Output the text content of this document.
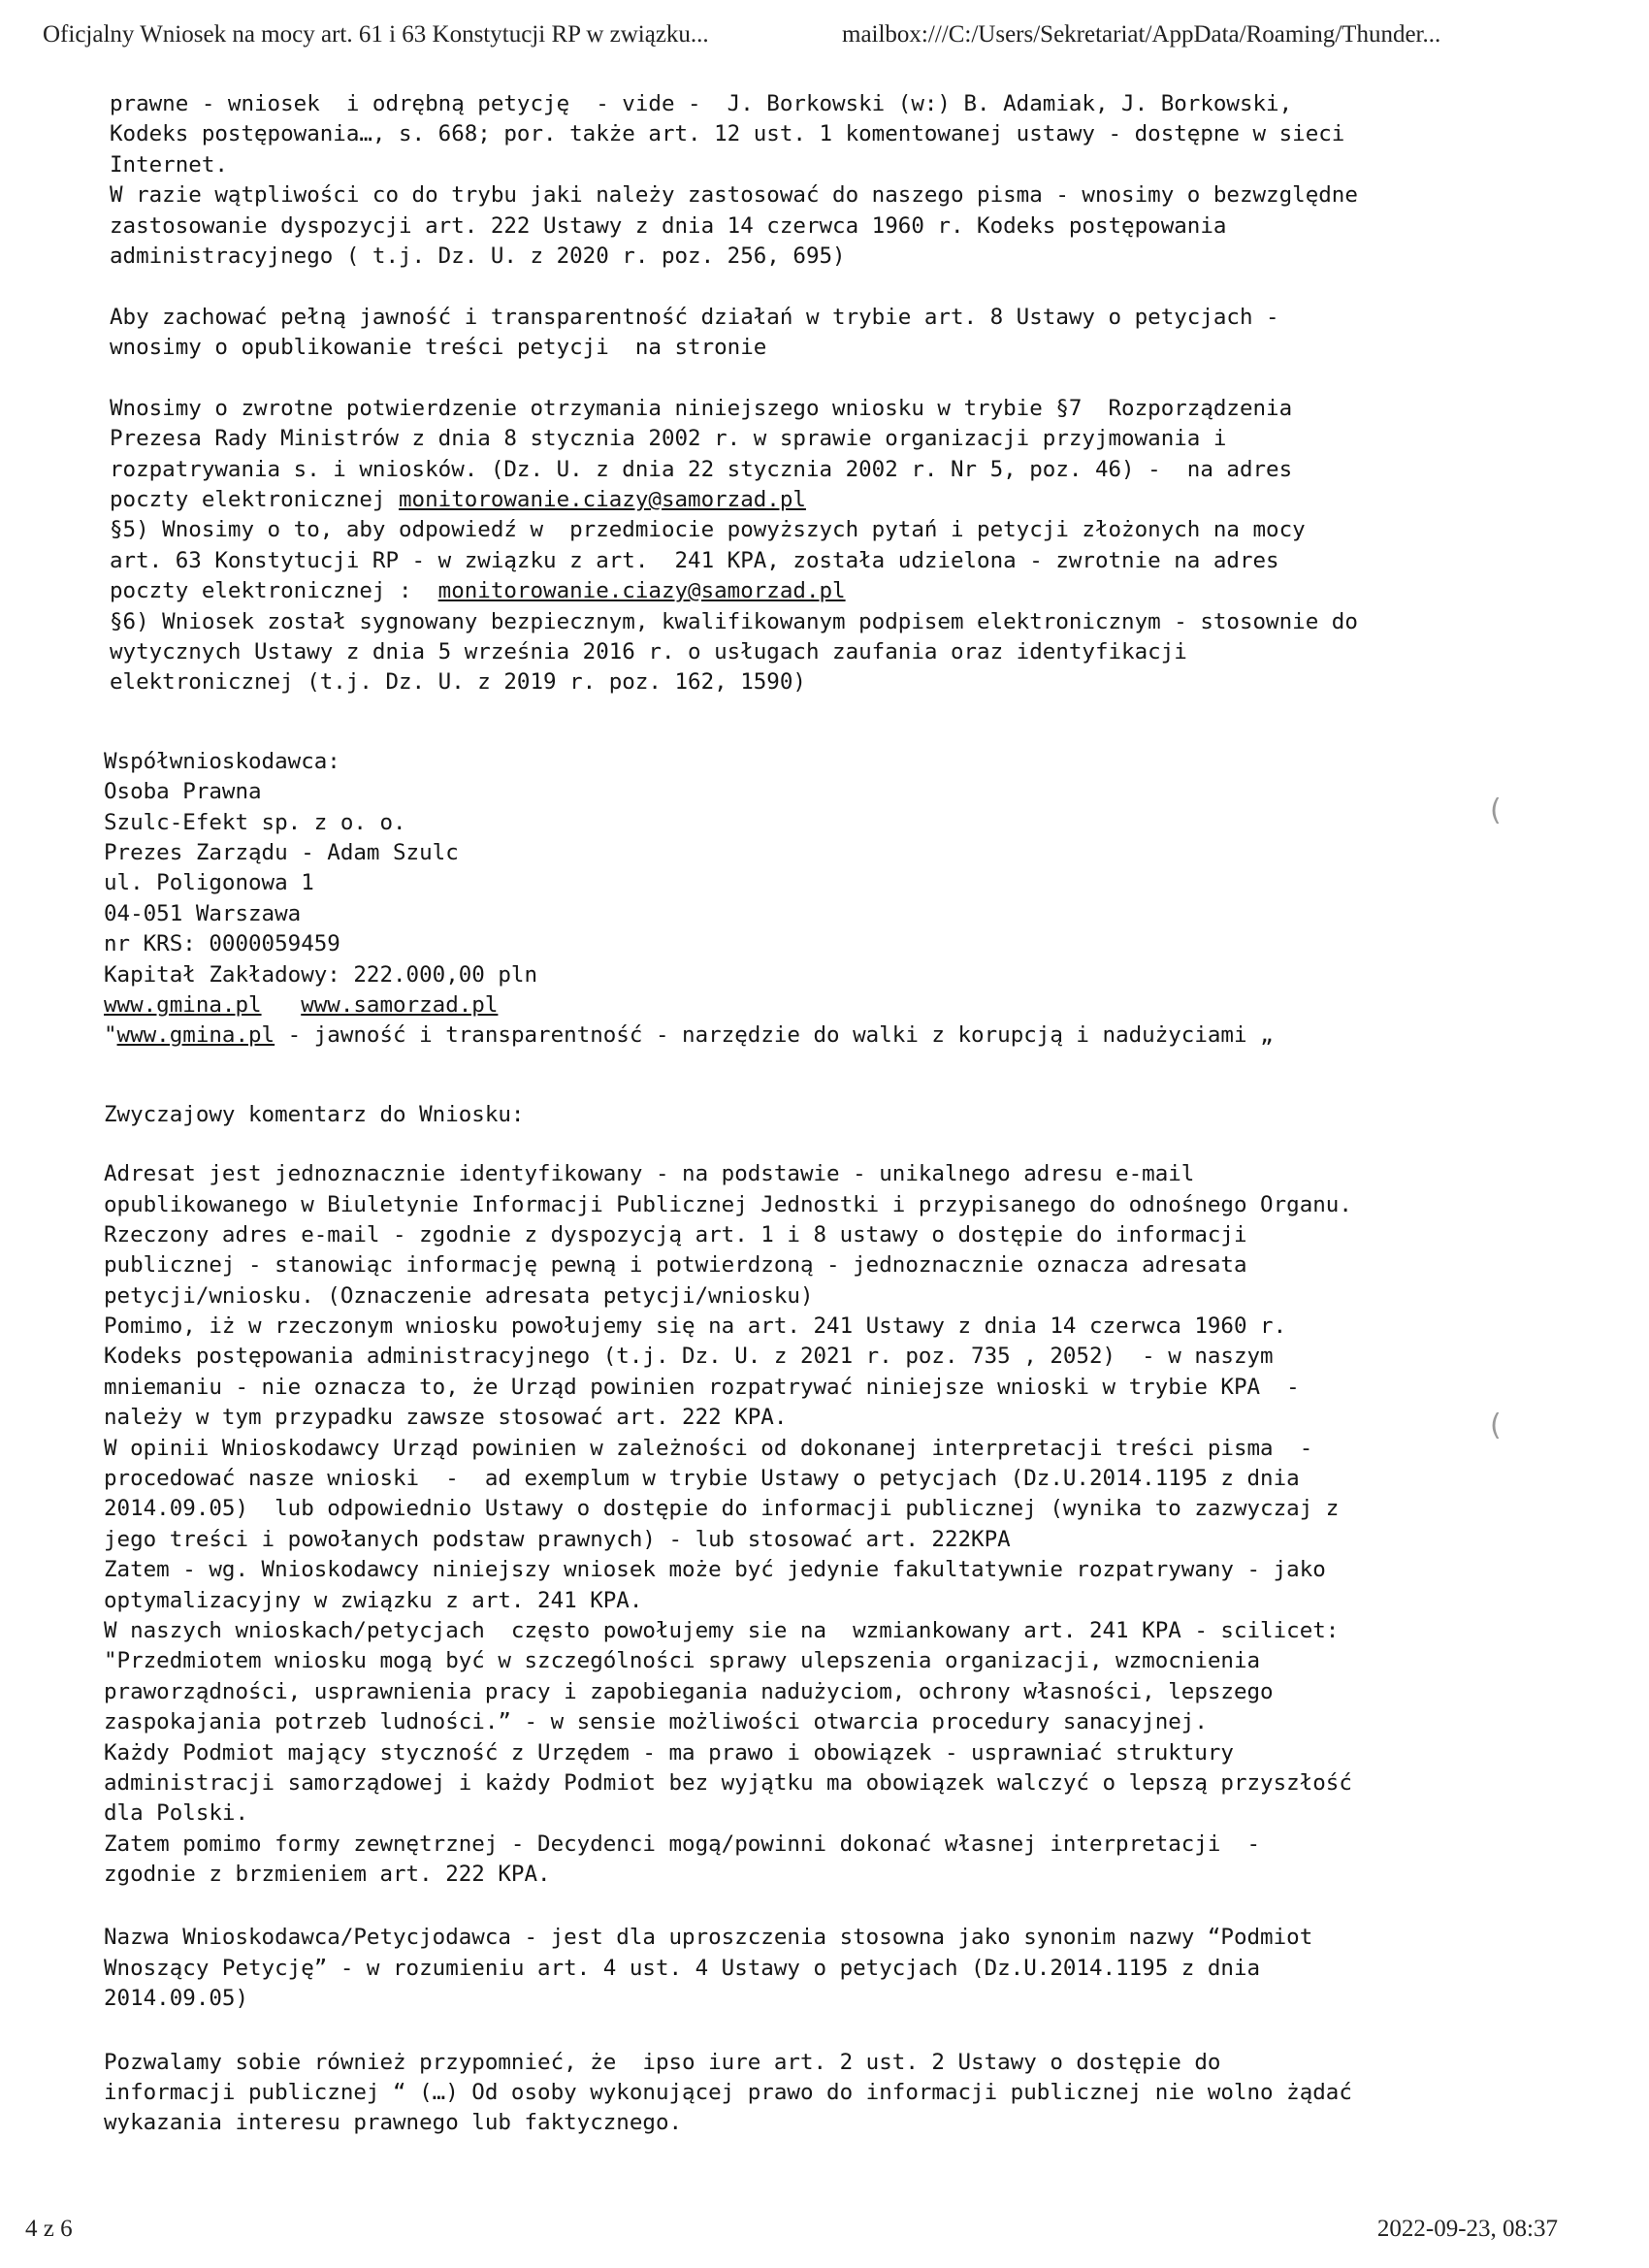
Oficjalny Wniosek na mocy art. 61 i 63 Konstytucji RP w związku...	mailbox:///C:/Users/Sekretariat/AppData/Roaming/Thunder...
prawne - wniosek  i odrębną petycję  - vide -  J. Borkowski (w:) B. Adamiak, J. Borkowski,
Kodeks postępowania…, s. 668; por. także art. 12 ust. 1 komentowanej ustawy - dostępne w sieci
Internet.
W razie wątpliwości co do trybu jaki należy zastosować do naszego pisma - wnosimy o bezwzględne
zastosowanie dyspozycji art. 222 Ustawy z dnia 14 czerwca 1960 r. Kodeks postępowania
administracyjnego ( t.j. Dz. U. z 2020 r. poz. 256, 695)
Aby zachować pełną jawność i transparentność działań w trybie art. 8 Ustawy o petycjach -
wnosimy o opublikowanie treści petycji  na stronie
Wnosimy o zwrotne potwierdzenie otrzymania niniejszego wniosku w trybie §7  Rozporządzenia
Prezesa Rady Ministrów z dnia 8 stycznia 2002 r. w sprawie organizacji przyjmowania i
rozpatrywania s. i wniosków. (Dz. U. z dnia 22 stycznia 2002 r. Nr 5, poz. 46) -  na adres
poczty elektronicznej monitorowanie.ciazy@samorzad.pl
§5) Wnosimy o to, aby odpowiedź w  przedmiocie powyższych pytań i petycji złożonych na mocy
art. 63 Konstytucji RP - w związku z art.  241 KPA, została udzielona - zwrotnie na adres
poczty elektronicznej :  monitorowanie.ciazy@samorzad.pl
§6) Wniosek został sygnowany bezpiecznym, kwalifikowanym podpisem elektronicznym - stosownie do
wytycznych Ustawy z dnia 5 września 2016 r. o usługach zaufania oraz identyfikacji
elektronicznej (t.j. Dz. U. z 2019 r. poz. 162, 1590)
Współwnioskodawca:
Osoba Prawna
Szulc-Efekt sp. z o. o.
Prezes Zarządu - Adam Szulc
ul. Poligonowa 1
04-051 Warszawa
nr KRS: 0000059459
Kapitał Zakładowy: 222.000,00 pln
www.gmina.pl www.samorzad.pl
"www.gmina.pl - jawność i transparentność - narzędzie do walki z korupcją i nadużyciami „
Zwyczajowy komentarz do Wniosku:
Adresat jest jednoznacznie identyfikowany - na podstawie - unikalnego adresu e-mail
opublikowanego w Biuletynie Informacji Publicznej Jednostki i przypisanego do odnośnego Organu.
Rzeczony adres e-mail - zgodnie z dyspozycją art. 1 i 8 ustawy o dostępie do informacji
publicznej - stanowiąc informację pewną i potwierdzoną - jednoznacznie oznacza adresata
petycji/wniosku. (Oznaczenie adresata petycji/wniosku)
Pomimo, iż w rzeczonym wniosku powołujemy się na art. 241 Ustawy z dnia 14 czerwca 1960 r.
Kodeks postępowania administracyjnego (t.j. Dz. U. z 2021 r. poz. 735 , 2052)  - w naszym
mniemaniu - nie oznacza to, że Urząd powinien rozpatrywać niniejsze wnioski w trybie KPA  -
należy w tym przypadku zawsze stosować art. 222 KPA.
W opinii Wnioskodawcy Urząd powinien w zależności od dokonanej interpretacji treści pisma  -
procedować nasze wnioski  -  ad exemplum w trybie Ustawy o petycjach (Dz.U.2014.1195 z dnia
2014.09.05)  lub odpowiednio Ustawy o dostępie do informacji publicznej (wynika to zazwyczaj z
jego treści i powołanych podstaw prawnych) - lub stosować art. 222KPA
Zatem - wg. Wnioskodawcy niniejszy wniosek może być jedynie fakultatywnie rozpatrywany - jako
optymalizacyjny w związku z art. 241 KPA.
W naszych wnioskach/petycjach  często powołujemy sie na  wzmiankowany art. 241 KPA - scilicet:
"Przedmiotem wniosku mogą być w szczególności sprawy ulepszenia organizacji, wzmocnienia
praworządności, usprawnienia pracy i zapobiegania nadużyciom, ochrony własności, lepszego
zaspokajania potrzeb ludności.” - w sensie możliwości otwarcia procedury sanacyjnej.
Każdy Podmiot mający styczność z Urzędem - ma prawo i obowiązek - usprawniać struktury
administracji samorządowej i każdy Podmiot bez wyjątku ma obowiązek walczyć o lepszą przyszłość
dla Polski.
Zatem pomimo formy zewnętrznej - Decydenci mogą/powinni dokonać własnej interpretacji  -
zgodnie z brzmieniem art. 222 KPA.
Nazwa Wnioskodawca/Petycjodawca - jest dla uproszczenia stosowna jako synonim nazwy “Podmiot
Wnoszący Petycję” - w rozumieniu art. 4 ust. 4 Ustawy o petycjach (Dz.U.2014.1195 z dnia
2014.09.05)
Pozwalamy sobie również przypomnieć, że  ipso iure art. 2 ust. 2 Ustawy o dostępie do
informacji publicznej “ (…) Od osoby wykonującej prawo do informacji publicznej nie wolno żądać
wykazania interesu prawnego lub faktycznego.
(
(
4 z 6	2022-09-23, 08:37
